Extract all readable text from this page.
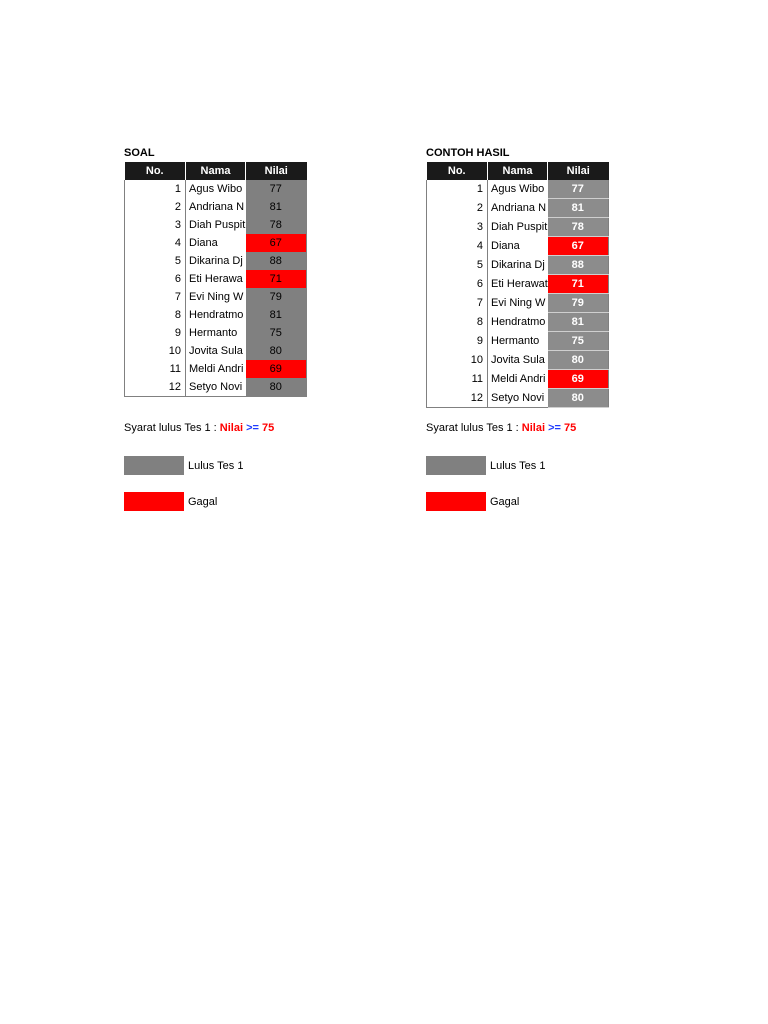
SOAL
No.	Nama	Nilai
1	Agus Wibo	77
2	Andriana N	81
3	Diah Puspit	78
4	Diana	67
5	Dikarina Dj	88
6	Eti Herawa	71
7	Evi Ning W	79
8	Hendratmo	81
9	Hermanto	75
10	Jovita Sula	80
11	Meldi Andri	69
12	Setyo Novi	80
Syarat lulus Tes 1 : Nilai >= 75
Lulus Tes 1
Gagal
CONTOH HASIL
No.	Nama	Nilai
1	Agus Wibo	77
2	Andriana N	81
3	Diah Puspit	78
4	Diana	67
5	Dikarina Dj	88
6	Eti Herawat	71
7	Evi Ning W	79
8	Hendratmo	81
9	Hermanto	75
10	Jovita Sula	80
11	Meldi Andri	69
12	Setyo Novi	80
Syarat lulus Tes 1 : Nilai >= 75
Lulus Tes 1
Gagal
